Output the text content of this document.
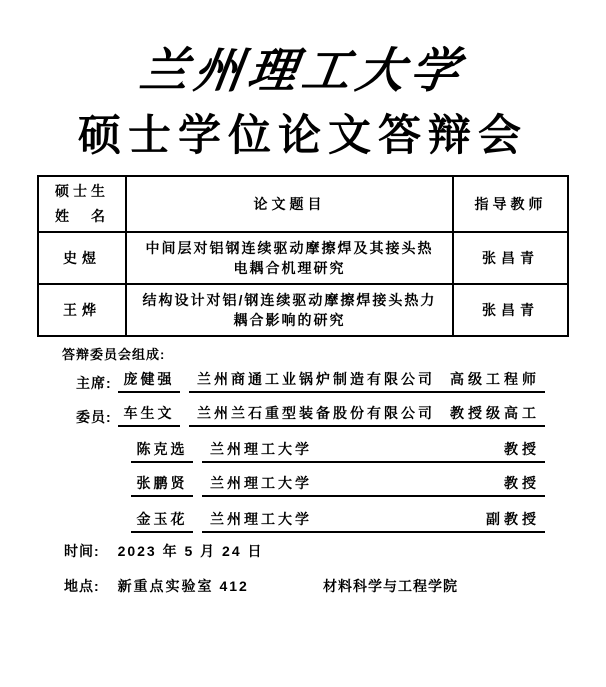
兰州理工大学
硕士学位论文答辩会
硕士生
姓　名	论文题目	指导教师
史煜	中间层对铝钢连续驱动摩擦焊及其接头热电耦合机理研究	张昌青
王烨	结构设计对铝/钢连续驱动摩擦焊接头热力耦合影响的研究	张昌青
答辩委员会组成:
主席: 庞健强	兰州商通工业锅炉制造有限公司 高级工程师
委员: 车生文	兰州兰石重型装备股份有限公司 教授级高工
陈克选	兰州理工大学	教授
张鹏贤	兰州理工大学	教授
金玉花	兰州理工大学	副教授
时间: 2023 年 5 月 24 日
地点: 新重点实验室 412	材料科学与工程学院
